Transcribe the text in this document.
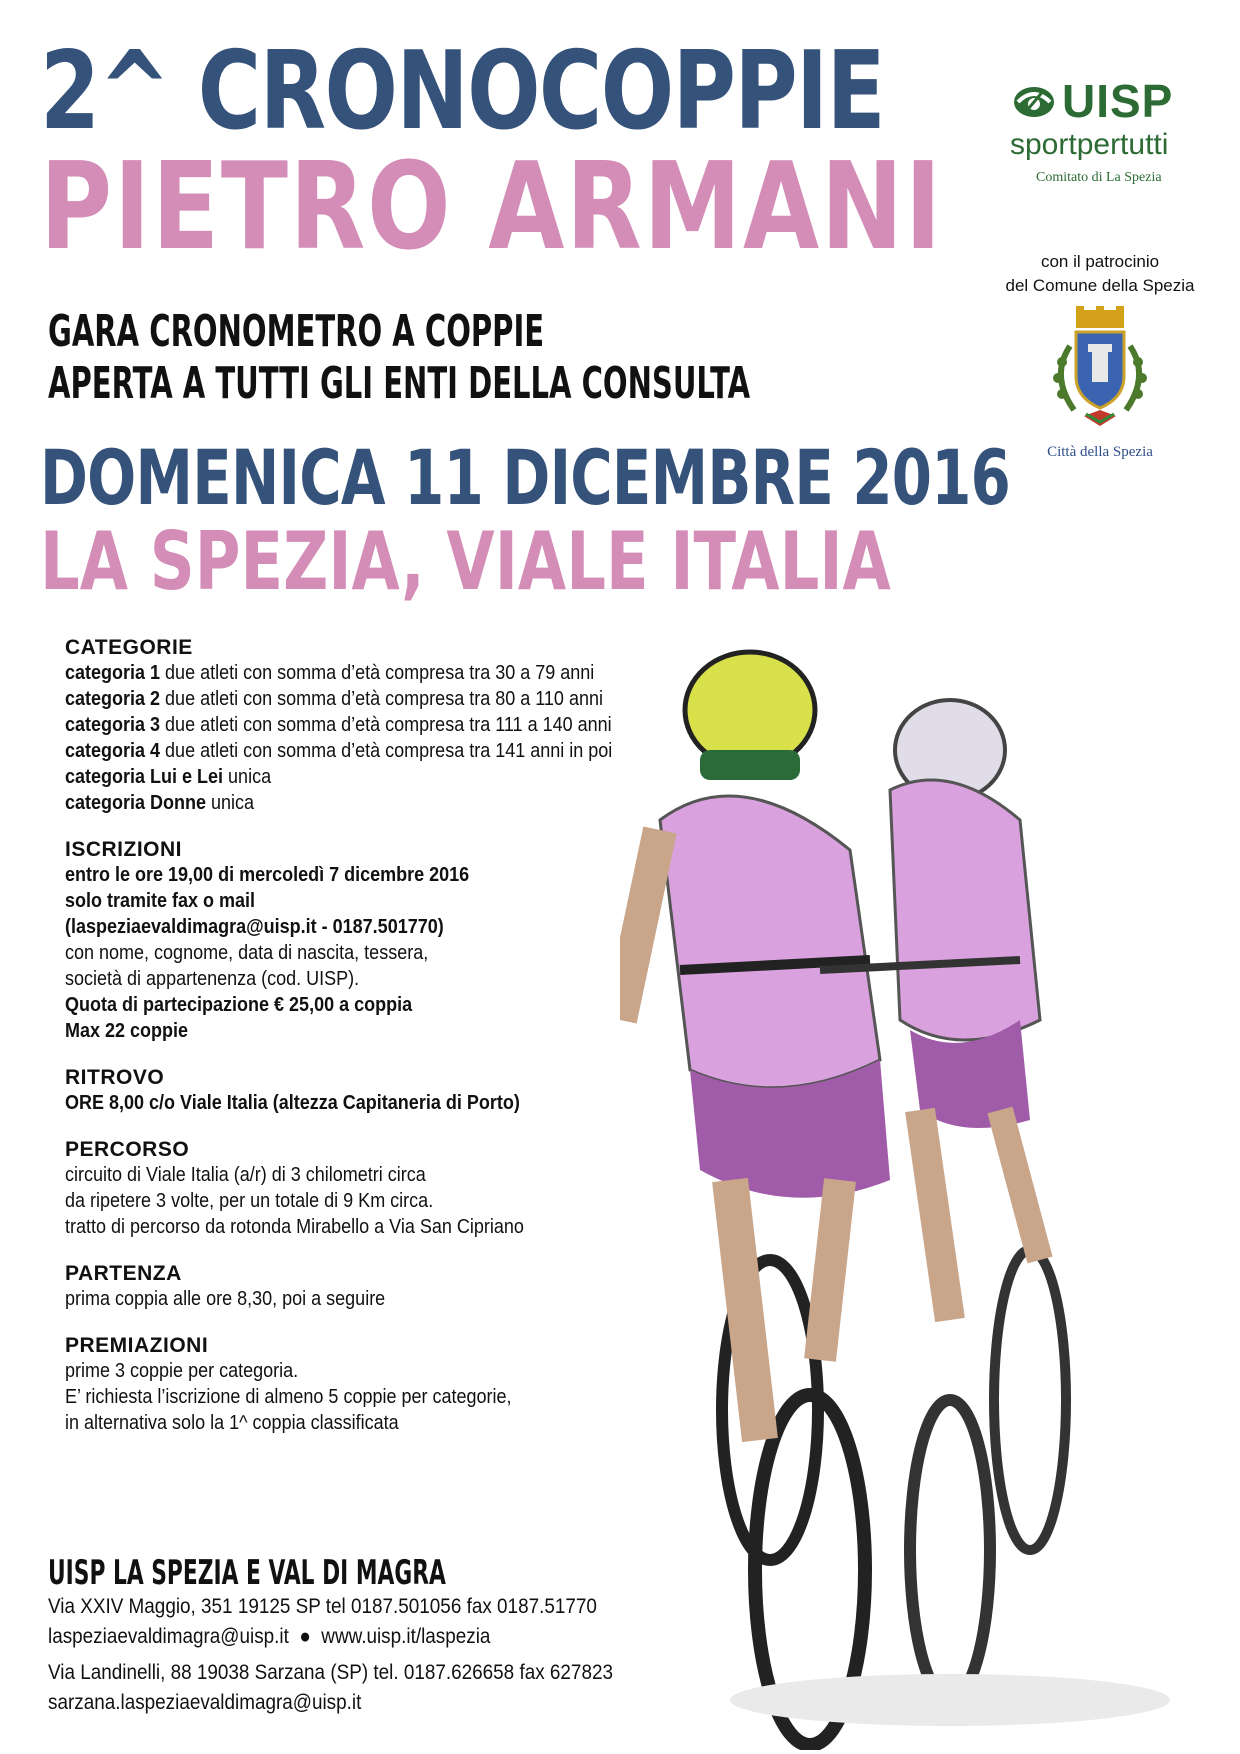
2^ CRONOCOPPIE
PIETRO ARMANI
GARA CRONOMETRO A COPPIE
APERTA A TUTTI GLI ENTI DELLA CONSULTA
DOMENICA 11 DICEMBRE 2016
LA SPEZIA, VIALE ITALIA
UISP
sportpertutti
Comitato di La Spezia
con il patrocinio
del Comune della Spezia
Città della Spezia
CATEGORIE
categoria 1 due atleti con somma d’età compresa tra 30 a 79 anni
categoria 2 due atleti con somma d’età compresa tra 80 a 110 anni
categoria 3 due atleti con somma d’età compresa tra 111 a 140 anni
categoria 4 due atleti con somma d’età compresa tra 141 anni in poi
categoria Lui e Lei unica
categoria Donne unica
ISCRIZIONI
entro le ore 19,00 di mercoledì 7 dicembre 2016
solo tramite fax o mail
(laspeziaevaldimagra@uisp.it - 0187.501770)
con nome, cognome, data di nascita, tessera,
società di appartenenza (cod. UISP).
Quota di partecipazione € 25,00 a coppia
Max 22 coppie
RITROVO
ORE 8,00 c/o Viale Italia (altezza Capitaneria di Porto)
PERCORSO
circuito di Viale Italia (a/r) di 3 chilometri circa
da ripetere 3 volte, per un totale di 9 Km circa.
tratto di percorso da rotonda Mirabello a Via San Cipriano
PARTENZA
prima coppia alle ore 8,30, poi a seguire
PREMIAZIONI
prime 3 coppie per categoria.
E’ richiesta l’iscrizione di almeno 5 coppie per categorie,
in alternativa solo la 1^ coppia classificata
UISP LA SPEZIA E VAL DI MAGRA
Via XXIV Maggio, 351 19125 SP tel 0187.501056 fax 0187.51770
laspeziaevaldimagra@uisp.it ● www.uisp.it/laspezia
Via Landinelli, 88 19038 Sarzana (SP) tel. 0187.626658 fax 627823
sarzana.laspeziaevaldimagra@uisp.it
